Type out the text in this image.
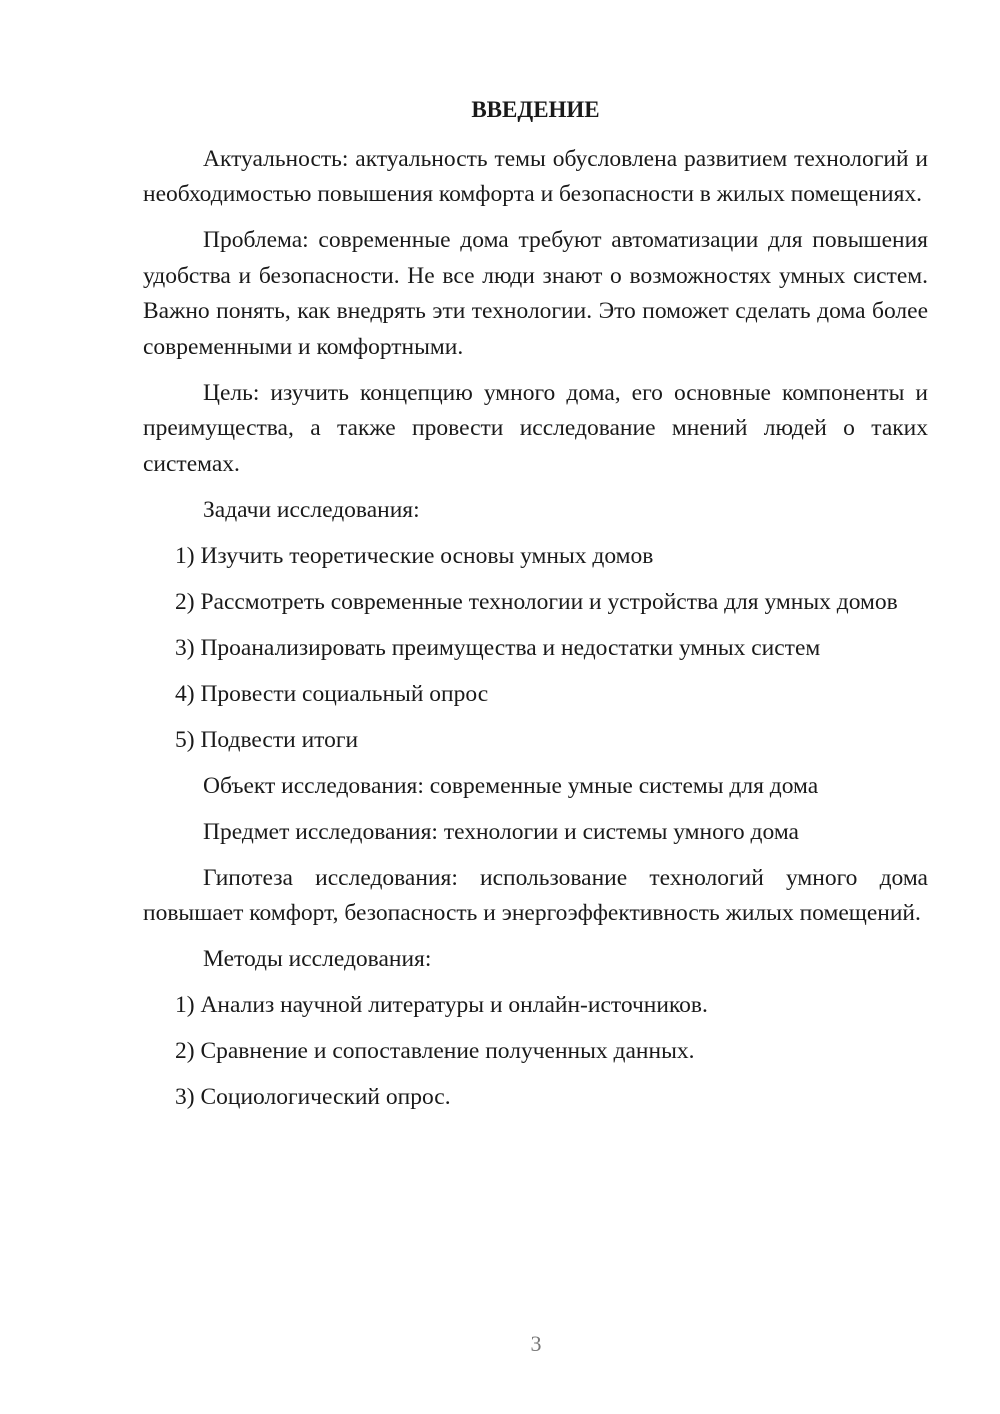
ВВЕДЕНИЕ

Актуальность: актуальность темы обусловлена развитием технологий и необходимостью повышения комфорта и безопасности в жилых помещениях.

Проблема: современные дома требуют автоматизации для повышения удобства и безопасности. Не все люди знают о возможностях умных систем. Важно понять, как внедрять эти технологии. Это поможет сделать дома более современными и комфортными.

Цель: изучить концепцию умного дома, его основные компоненты и преимущества, а также провести исследование мнений людей о таких системах.

Задачи исследования:

1) Изучить теоретические основы умных домов

2) Рассмотреть современные технологии и устройства для умных домов

3) Проанализировать преимущества и недостатки умных систем

4) Провести социальный опрос

5) Подвести итоги

Объект исследования: современные умные системы для дома

Предмет исследования: технологии и системы умного дома

Гипотеза исследования: использование технологий умного дома повышает комфорт, безопасность и энергоэффективность жилых помещений.

Методы исследования:

1) Анализ научной литературы и онлайн-источников.

2) Сравнение и сопоставление полученных данных.

3) Социологический опрос.

3
